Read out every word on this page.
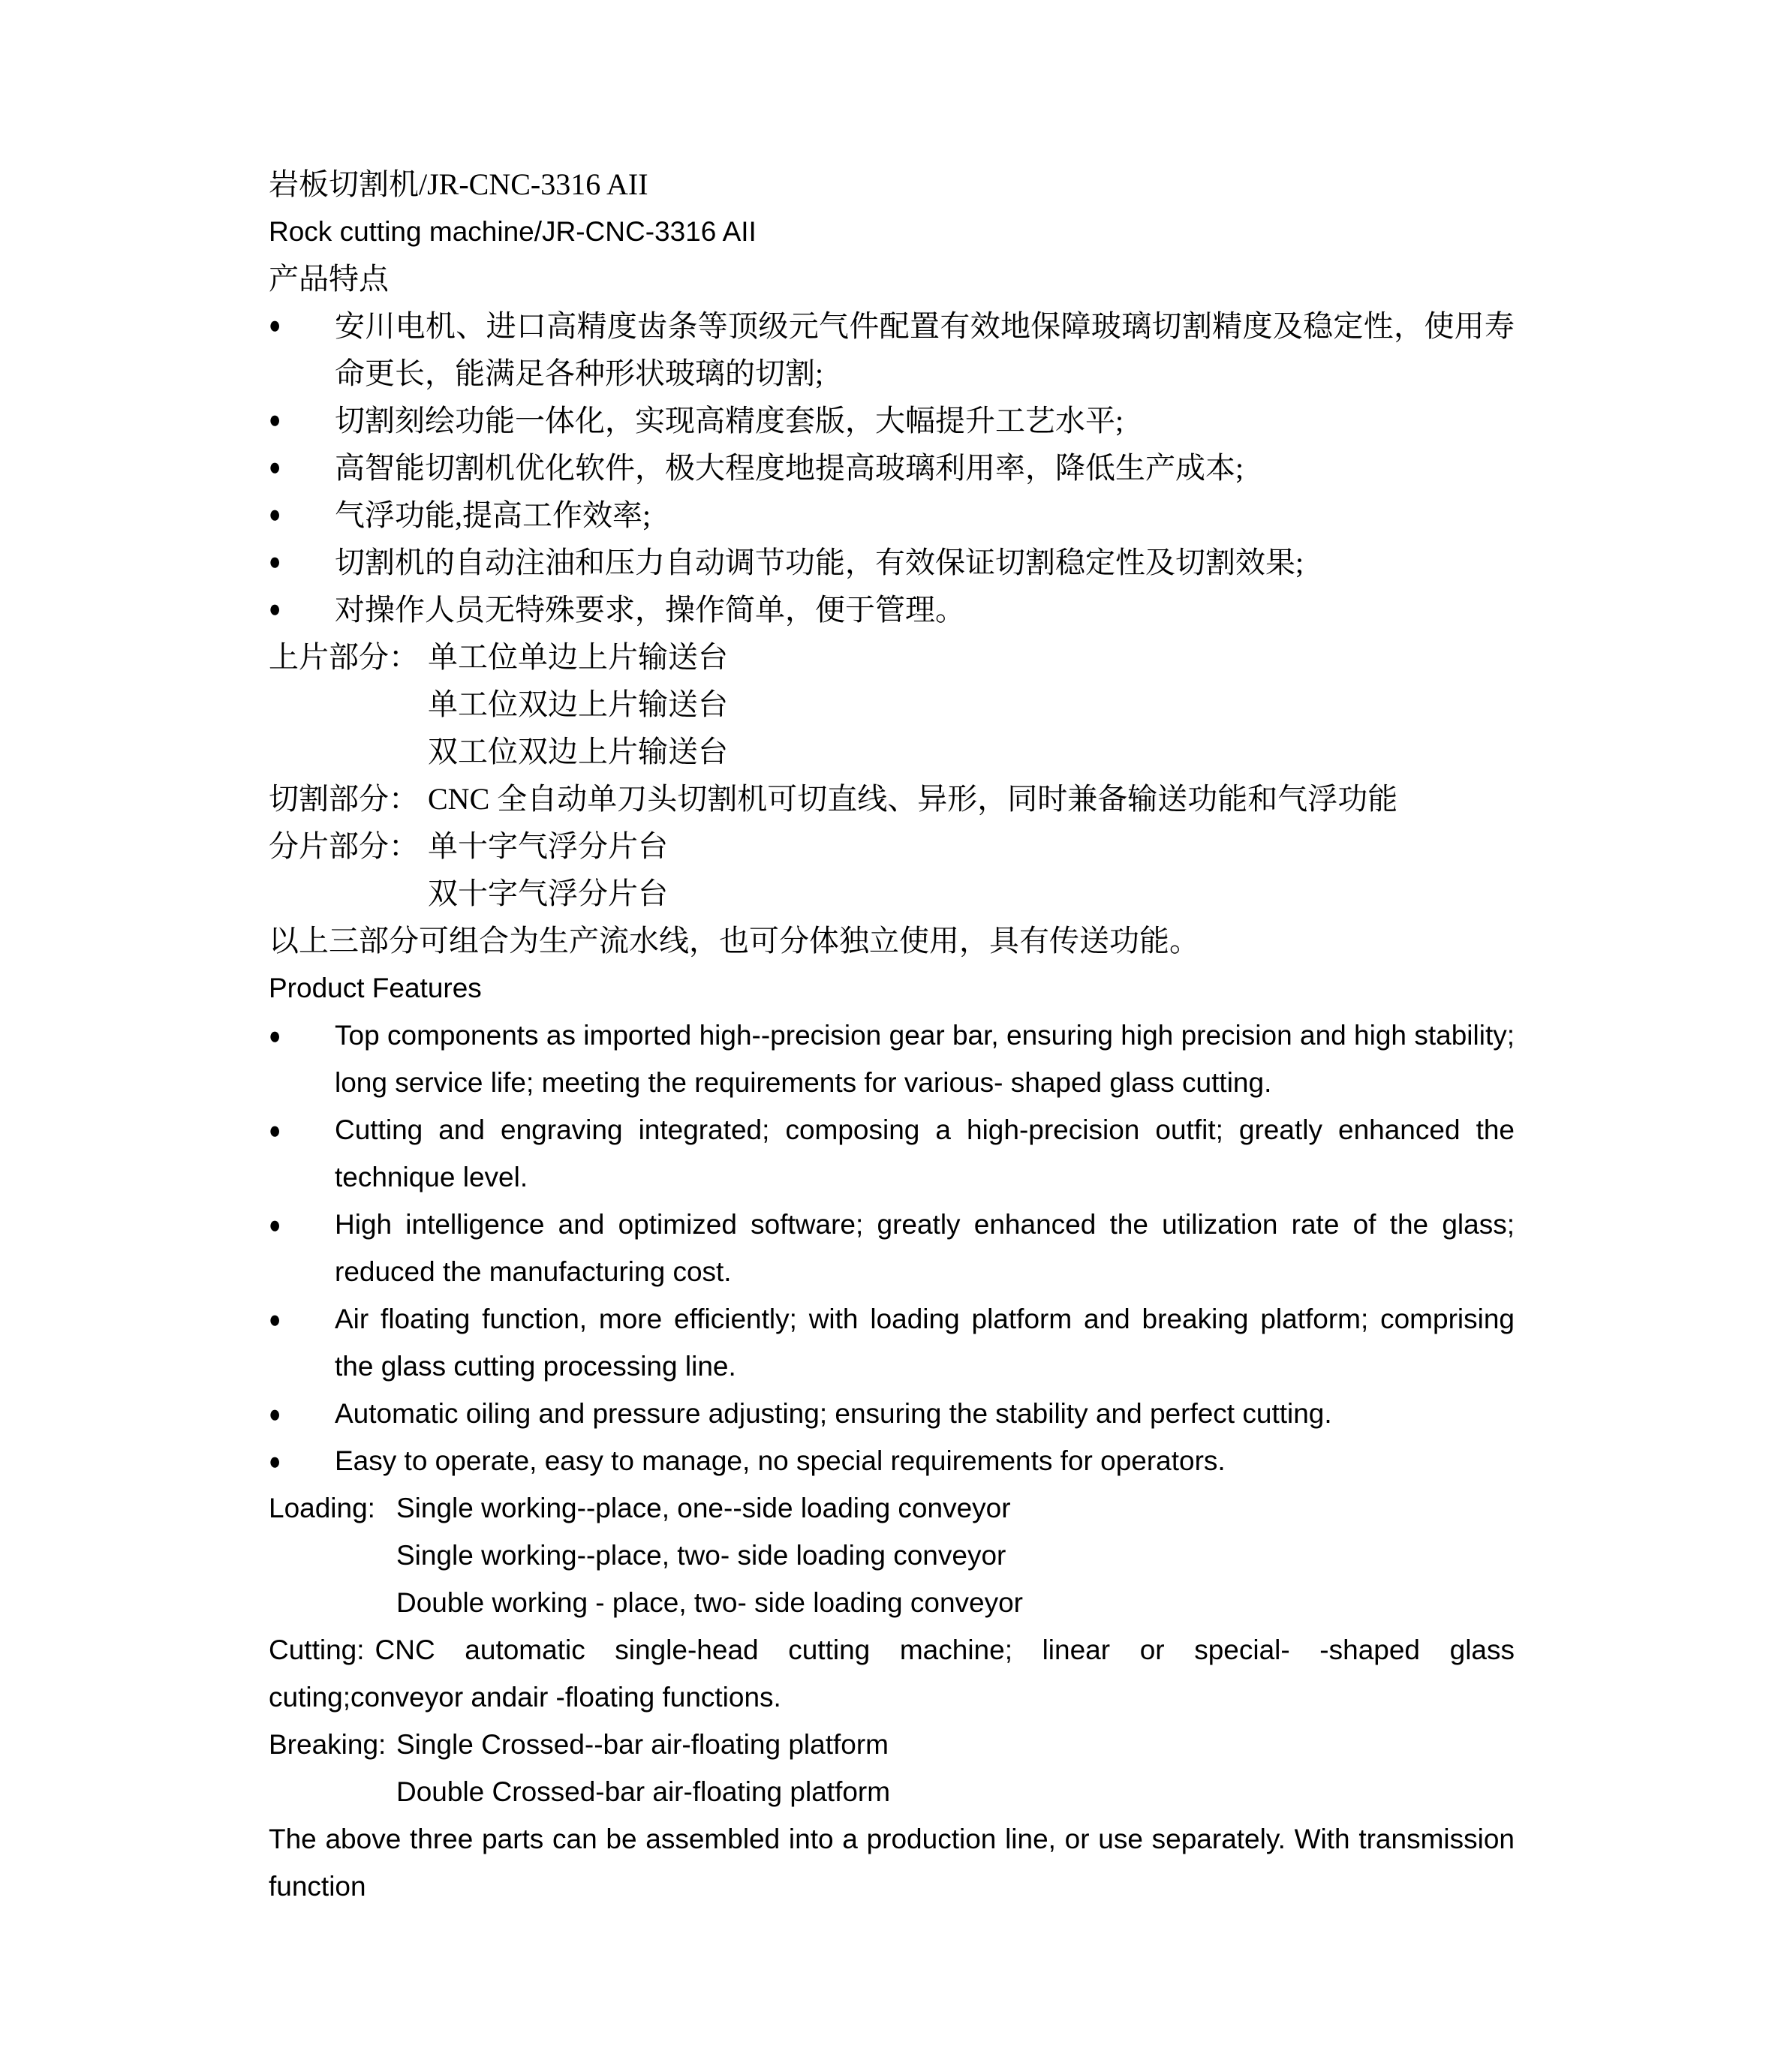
岩板切割机/JR-CNC-3316 AII
Rock cutting machine/JR-CNC-3316 AII
产品特点
●	安川电机、进口高精度齿条等顶级元气件配置有效地保障玻璃切割精度及稳定性，使用寿命更长，能满足各种形状玻璃的切割;
●	切割刻绘功能一体化，实现高精度套版，大幅提升工艺水平;
●	高智能切割机优化软件，极大程度地提高玻璃利用率，降低生产成本;
●	气浮功能,提高工作效率;
●	切割机的自动注油和压力自动调节功能，有效保证切割稳定性及切割效果;
●	对操作人员无特殊要求，操作简单，便于管理。
上片部分： 单工位单边上片输送台
单工位双边上片输送台
双工位双边上片输送台
切割部分： CNC 全自动单刀头切割机可切直线、异形，同时兼备输送功能和气浮功能
分片部分： 单十字气浮分片台
双十字气浮分片台
以上三部分可组合为生产流水线，也可分体独立使用，具有传送功能。
Product Features
●	Top components as imported high--precision gear bar, ensuring high precision and high stability; long service life; meeting the requirements for various- shaped glass cutting.
●	Cutting and engraving integrated; composing a high-precision outfit; greatly enhanced the technique level.
●	High intelligence and optimized software; greatly enhanced the utilization rate of the glass; reduced the manufacturing cost.
●	Air floating function, more efficiently; with loading platform and breaking platform; comprising the glass cutting processing line.
●	Automatic oiling and pressure adjusting; ensuring the stability and perfect cutting.
●	Easy to operate, easy to manage, no special requirements for operators.
Loading: Single working--place, one--side loading conveyor
Single working--place, two- side loading conveyor
Double working - place, two- side loading conveyor
Cutting: CNC automatic single-head cutting machine; linear or special- -shaped glass cuting;conveyor andair -floating functions.
Breaking: Single Crossed--bar air-floating platform
Double Crossed-bar air-floating platform
The above three parts can be assembled into a production line, or use separately. With transmission function
